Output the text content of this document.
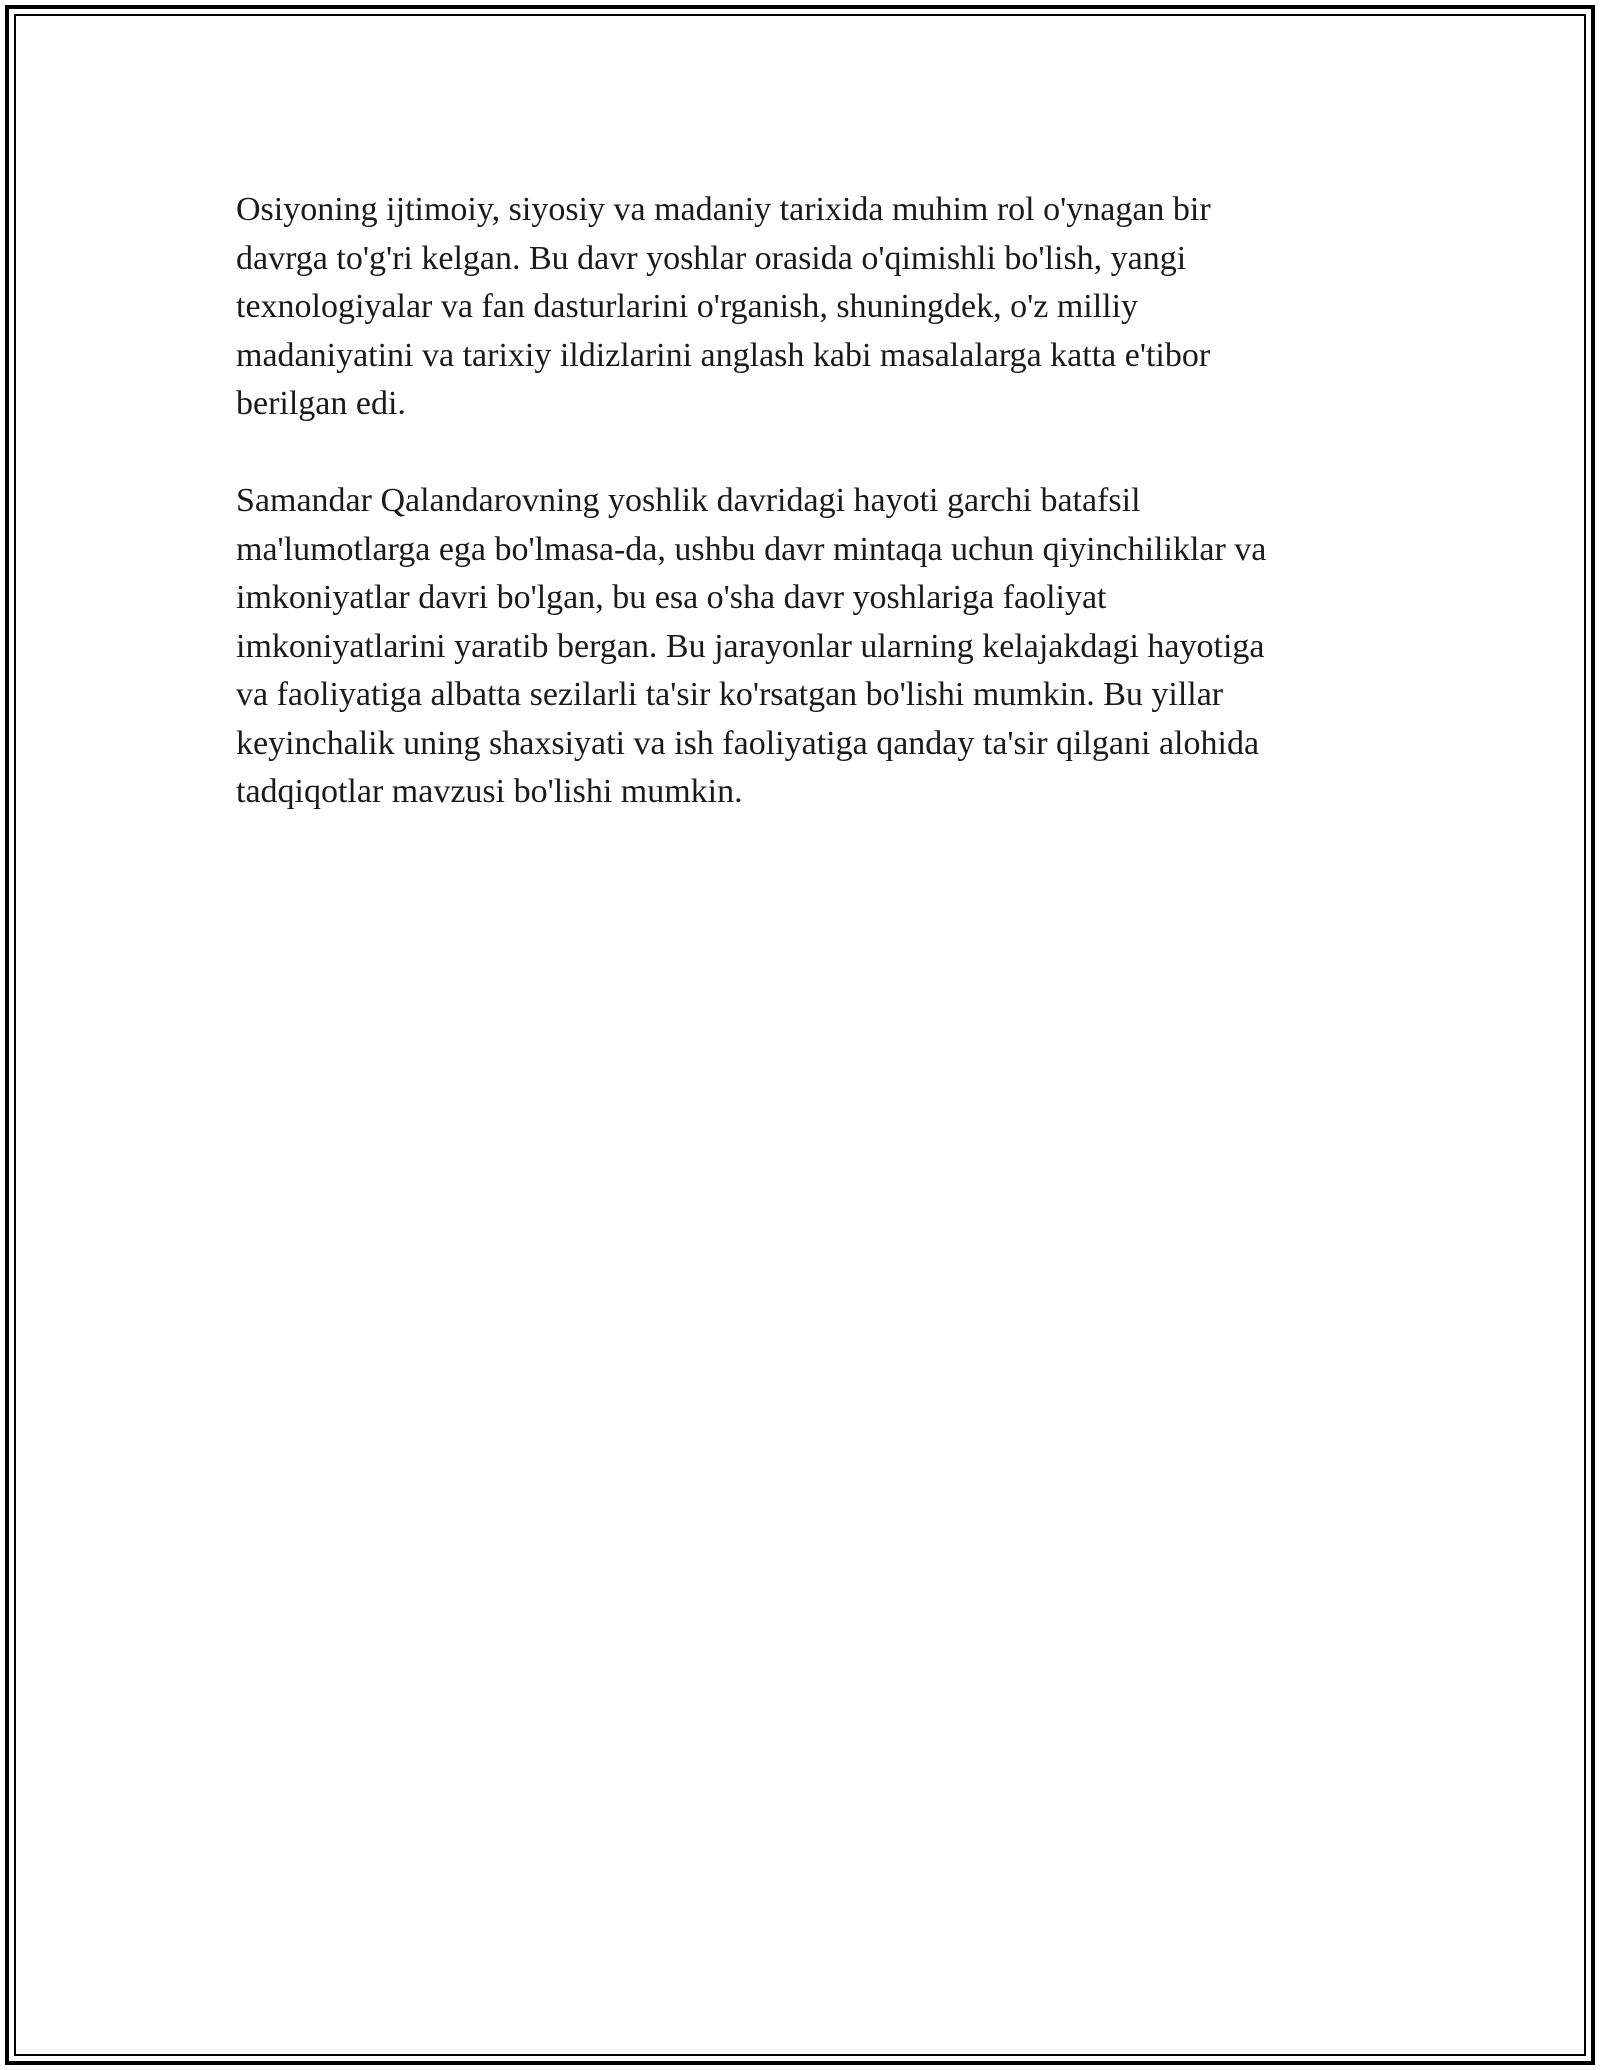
Osiyoning ijtimoiy, siyosiy va madaniy tarixida muhim rol o'ynagan bir
davrga to'g'ri kelgan. Bu davr yoshlar orasida o'qimishli bo'lish, yangi
texnologiyalar va fan dasturlarini o'rganish, shuningdek, o'z milliy
madaniyatini va tarixiy ildizlarini anglash kabi masalalarga katta e'tibor
berilgan edi.

Samandar Qalandarovning yoshlik davridagi hayoti garchi batafsil
ma'lumotlarga ega bo'lmasa-da, ushbu davr mintaqa uchun qiyinchiliklar va
imkoniyatlar davri bo'lgan, bu esa o'sha davr yoshlariga faoliyat
imkoniyatlarini yaratib bergan. Bu jarayonlar ularning kelajakdagi hayotiga
va faoliyatiga albatta sezilarli ta'sir ko'rsatgan bo'lishi mumkin. Bu yillar
keyinchalik uning shaxsiyati va ish faoliyatiga qanday ta'sir qilgani alohida
tadqiqotlar mavzusi bo'lishi mumkin.
